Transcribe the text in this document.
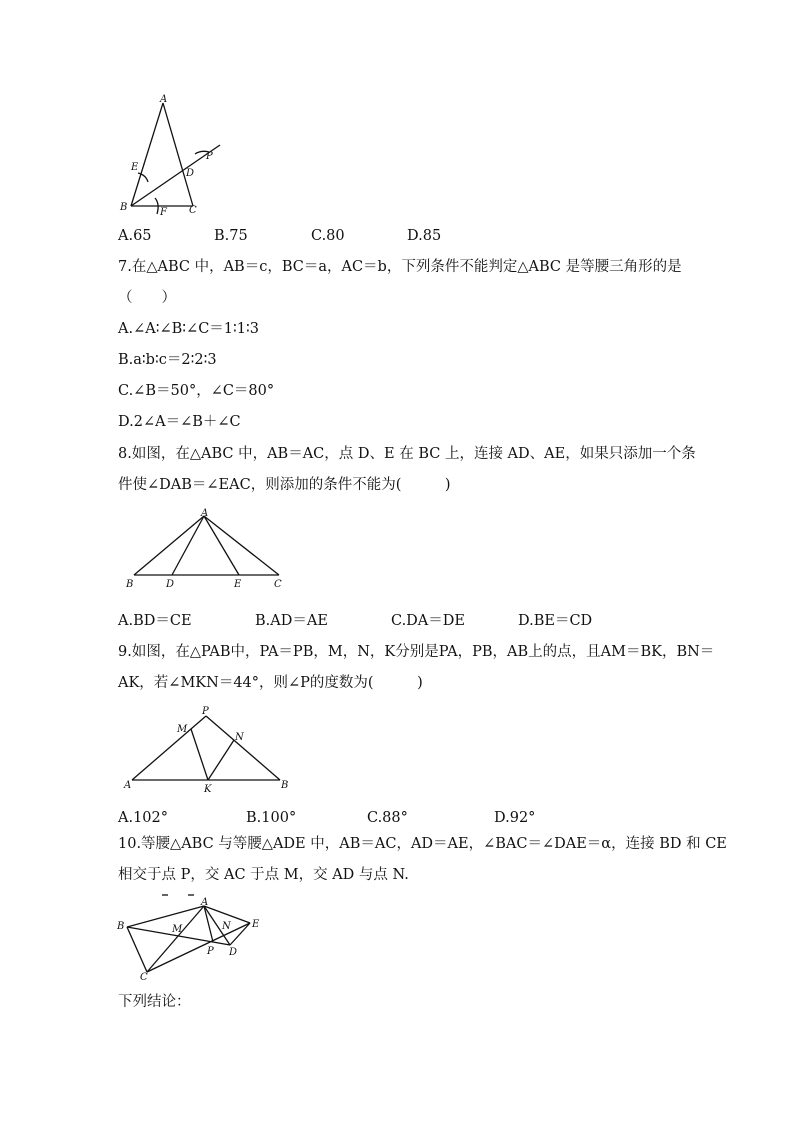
A
B	C
D
E
F
P
A.65	B.75	C.80	D.85
7.在△ABC 中，AB＝c，BC＝a，AC＝b，下列条件不能判定△ABC 是等腰三角形的是
（　　）
A.∠A∶∠B∶∠C＝1∶1∶3
B.a∶b∶c＝2∶2∶3
C.∠B＝50°，∠C＝80°
D.2∠A＝∠B＋∠C
8.如图，在△ABC 中，AB＝AC，点 D、E 在 BC 上，连接 AD、AE，如果只添加一个条
件使∠DAB＝∠EAC，则添加的条件不能为(　　　)
A
B	D	E	C
A.BD＝CE	B.AD＝AE	C.DA＝DE	D.BE＝CD
9.如图，在△PAB中，PA＝PB，M，N，K分别是PA，PB，AB上的点，且AM＝BK，BN＝
AK，若∠MKN＝44°，则∠P的度数为(　　　)
P
M
N
A	K	B
A.102°	B.100°	C.88°	D.92°
10.等腰△ABC 与等腰△ADE 中，AB＝AC，AD＝AE，∠BAC＝∠DAE＝α，连接 BD 和 CE
相交于点 P，交 AC 于点 M，交 AD 与点 N.
A
B
C
D
E
M	N
P
下列结论：
